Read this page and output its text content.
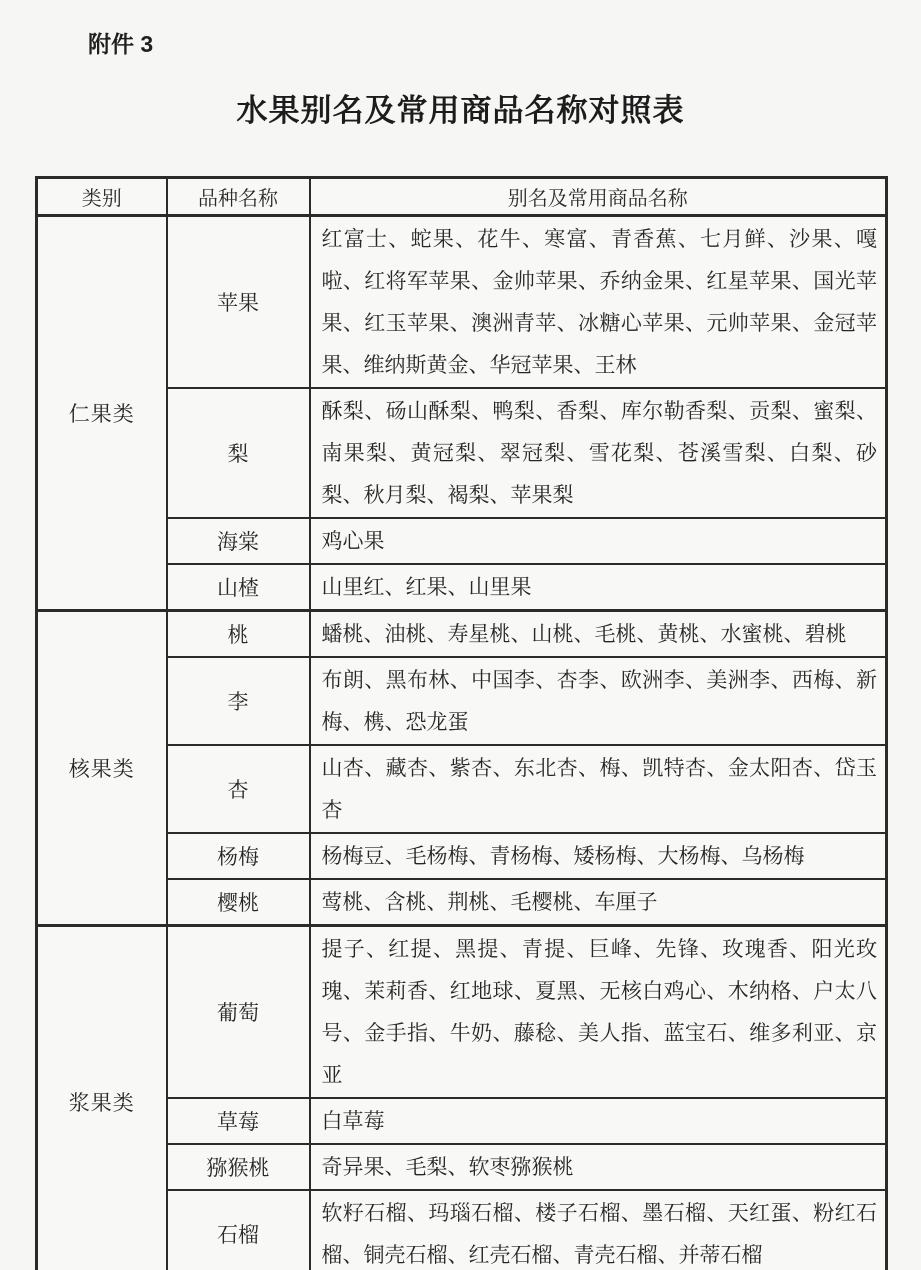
附件 3
水果别名及常用商品名称对照表
类别	品种名称	别名及常用商品名称
仁果类	苹果	红富士、蛇果、花牛、寒富、青香蕉、七月鲜、沙果、嘎啦、红将军苹果、金帅苹果、乔纳金果、红星苹果、国光苹果、红玉苹果、澳洲青苹、冰糖心苹果、元帅苹果、金冠苹果、维纳斯黄金、华冠苹果、王林
	梨	酥梨、砀山酥梨、鸭梨、香梨、库尔勒香梨、贡梨、蜜梨、南果梨、黄冠梨、翠冠梨、雪花梨、苍溪雪梨、白梨、砂梨、秋月梨、褐梨、苹果梨
	海棠	鸡心果
	山楂	山里红、红果、山里果
核果类	桃	蟠桃、油桃、寿星桃、山桃、毛桃、黄桃、水蜜桃、碧桃
	李	布朗、黑布林、中国李、杏李、欧洲李、美洲李、西梅、新梅、槜、恐龙蛋
	杏	山杏、藏杏、紫杏、东北杏、梅、凯特杏、金太阳杏、岱玉杏
	杨梅	杨梅豆、毛杨梅、青杨梅、矮杨梅、大杨梅、乌杨梅
	樱桃	莺桃、含桃、荆桃、毛樱桃、车厘子
浆果类	葡萄	提子、红提、黑提、青提、巨峰、先锋、玫瑰香、阳光玫瑰、茉莉香、红地球、夏黑、无核白鸡心、木纳格、户太八号、金手指、牛奶、藤稔、美人指、蓝宝石、维多利亚、京亚
	草莓	白草莓
	猕猴桃	奇异果、毛梨、软枣猕猴桃
	石榴	软籽石榴、玛瑙石榴、楼子石榴、墨石榴、天红蛋、粉红石榴、铜壳石榴、红壳石榴、青壳石榴、并蒂石榴
